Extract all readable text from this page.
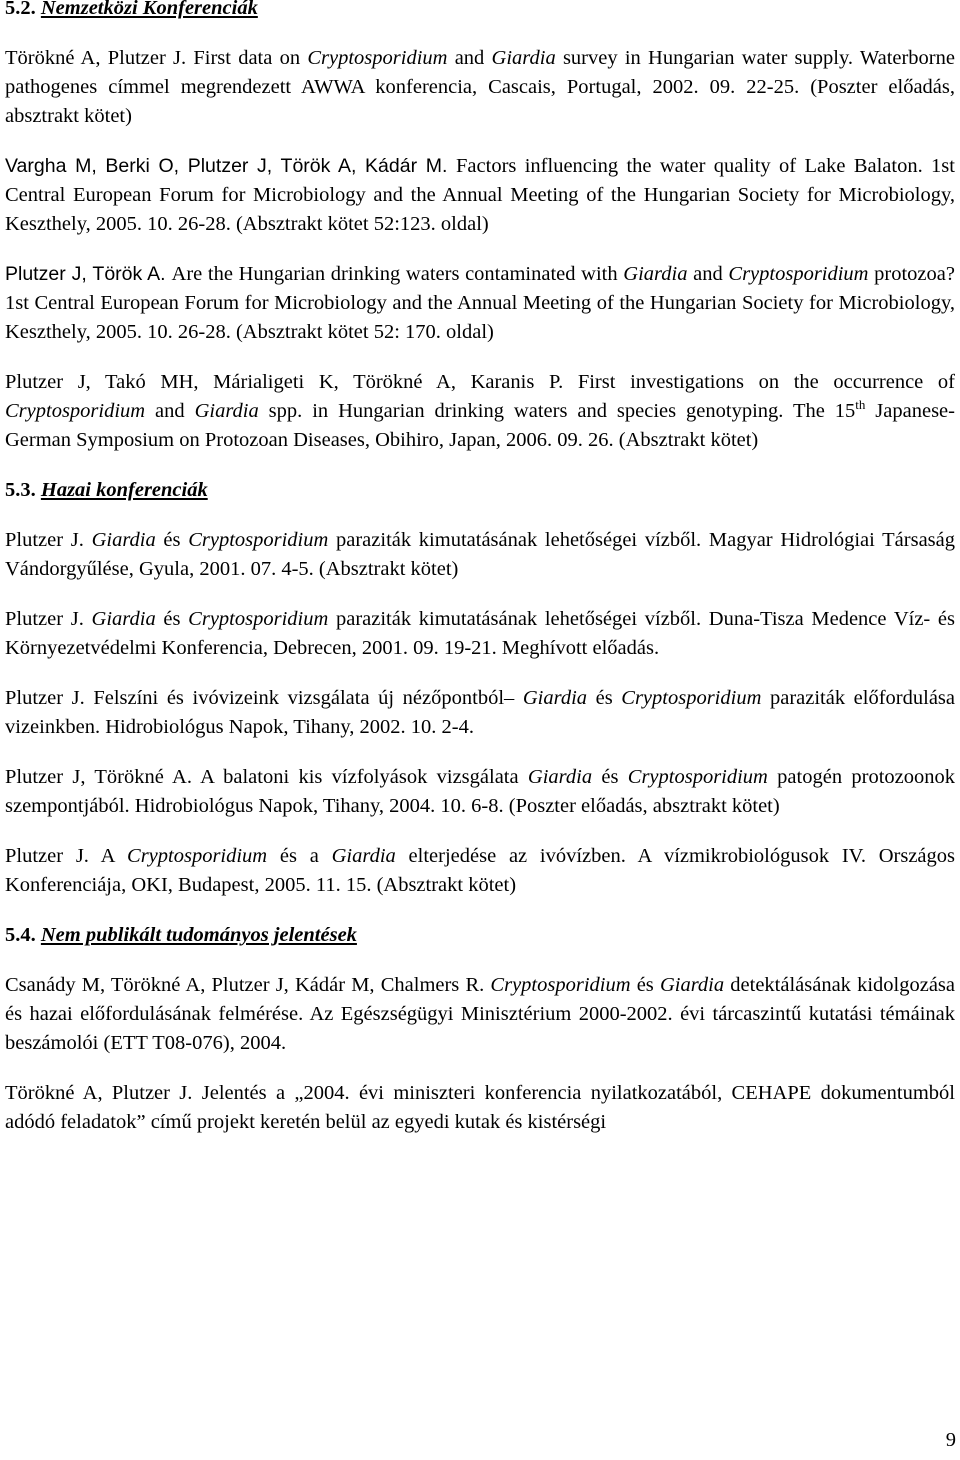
5.2. Nemzetközi Konferenciák

Törökné A, Plutzer J. First data on Cryptosporidium and Giardia survey in Hungarian water supply. Waterborne pathogenes címmel megrendezett AWWA konferencia, Cascais, Portugal, 2002. 09. 22-25. (Poszter előadás, absztrakt kötet)

Vargha M, Berki O, Plutzer J, Török A, Kádár M. Factors influencing the water quality of Lake Balaton. 1st Central European Forum for Microbiology and the Annual Meeting of the Hungarian Society for Microbiology, Keszthely, 2005. 10. 26-28. (Absztrakt kötet 52:123. oldal)

Plutzer J, Török A. Are the Hungarian drinking waters contaminated with Giardia and Cryptosporidium protozoa? 1st Central European Forum for Microbiology and the Annual Meeting of the Hungarian Society for Microbiology, Keszthely, 2005. 10. 26-28. (Absztrakt kötet 52: 170. oldal)

Plutzer J, Takó MH, Márialigeti K, Törökné A, Karanis P. First investigations on the occurrence of Cryptosporidium and Giardia spp. in Hungarian drinking waters and species genotyping. The 15th Japanese-German Symposium on Protozoan Diseases, Obihiro, Japan, 2006. 09. 26. (Absztrakt kötet)

5.3. Hazai konferenciák

Plutzer J. Giardia és Cryptosporidium paraziták kimutatásának lehetőségei vízből. Magyar Hidrológiai Társaság Vándorgyűlése, Gyula, 2001. 07. 4-5. (Absztrakt kötet)

Plutzer J. Giardia és Cryptosporidium paraziták kimutatásának lehetőségei vízből. Duna-Tisza Medence Víz- és Környezetvédelmi Konferencia, Debrecen, 2001. 09. 19-21. Meghívott előadás.

Plutzer J. Felszíni és ivóvizeink vizsgálata új nézőpontból– Giardia és Cryptosporidium paraziták előfordulása vizeinkben. Hidrobiológus Napok, Tihany, 2002. 10. 2-4.

Plutzer J, Törökné A. A balatoni kis vízfolyások vizsgálata Giardia és Cryptosporidium patogén protozoonok szempontjából. Hidrobiológus Napok, Tihany, 2004. 10. 6-8. (Poszter előadás, absztrakt kötet)

Plutzer J. A Cryptosporidium és a Giardia elterjedése az ivóvízben. A vízmikrobiológusok IV. Országos Konferenciája, OKI, Budapest, 2005. 11. 15. (Absztrakt kötet)

5.4. Nem publikált tudományos jelentések

Csanády M, Törökné A, Plutzer J, Kádár M, Chalmers R. Cryptosporidium és Giardia detektálásának kidolgozása és hazai előfordulásának felmérése. Az Egészségügyi Minisztérium 2000-2002. évi tárcaszintű kutatási témáinak beszámolói (ETT T08-076), 2004.

Törökné A, Plutzer J. Jelentés a „2004. évi miniszteri konferencia nyilatkozatából, CEHAPE dokumentumból adódó feladatok” című projekt keretén belül az egyedi kutak és kistérségi

9
